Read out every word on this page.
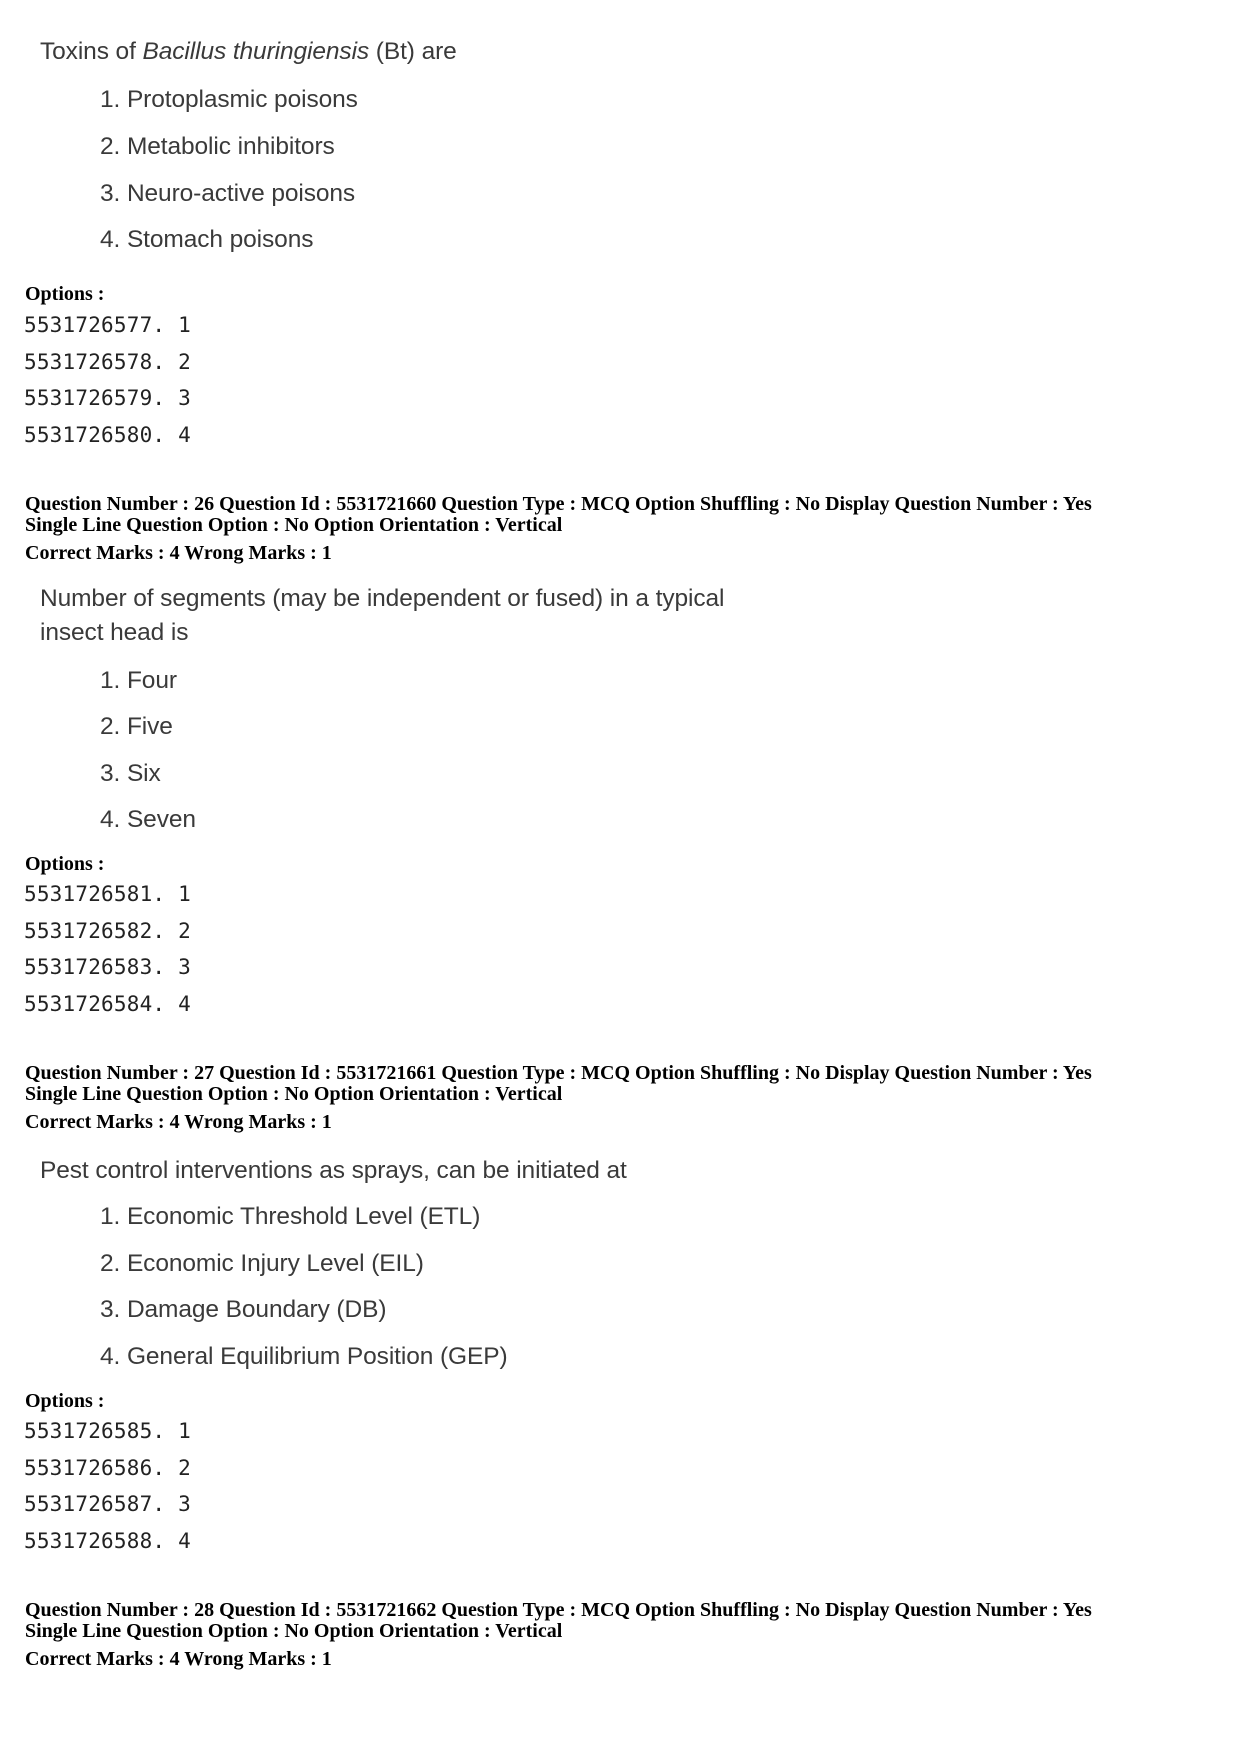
Toxins of Bacillus thuringiensis (Bt) are
1. Protoplasmic poisons
2. Metabolic inhibitors
3. Neuro-active poisons
4. Stomach poisons
Options :
5531726577. 1
5531726578. 2
5531726579. 3
5531726580. 4
Question Number : 26 Question Id : 5531721660 Question Type : MCQ Option Shuffling : No Display Question Number : Yes
Single Line Question Option : No Option Orientation : Vertical
Correct Marks : 4 Wrong Marks : 1
Number of segments (may be independent or fused) in a typical
insect head is
1. Four
2. Five
3. Six
4. Seven
Options :
5531726581. 1
5531726582. 2
5531726583. 3
5531726584. 4
Question Number : 27 Question Id : 5531721661 Question Type : MCQ Option Shuffling : No Display Question Number : Yes
Single Line Question Option : No Option Orientation : Vertical
Correct Marks : 4 Wrong Marks : 1
Pest control interventions as sprays, can be initiated at
1. Economic Threshold Level (ETL)
2. Economic Injury Level (EIL)
3. Damage Boundary (DB)
4. General Equilibrium Position (GEP)
Options :
5531726585. 1
5531726586. 2
5531726587. 3
5531726588. 4
Question Number : 28 Question Id : 5531721662 Question Type : MCQ Option Shuffling : No Display Question Number : Yes
Single Line Question Option : No Option Orientation : Vertical
Correct Marks : 4 Wrong Marks : 1
